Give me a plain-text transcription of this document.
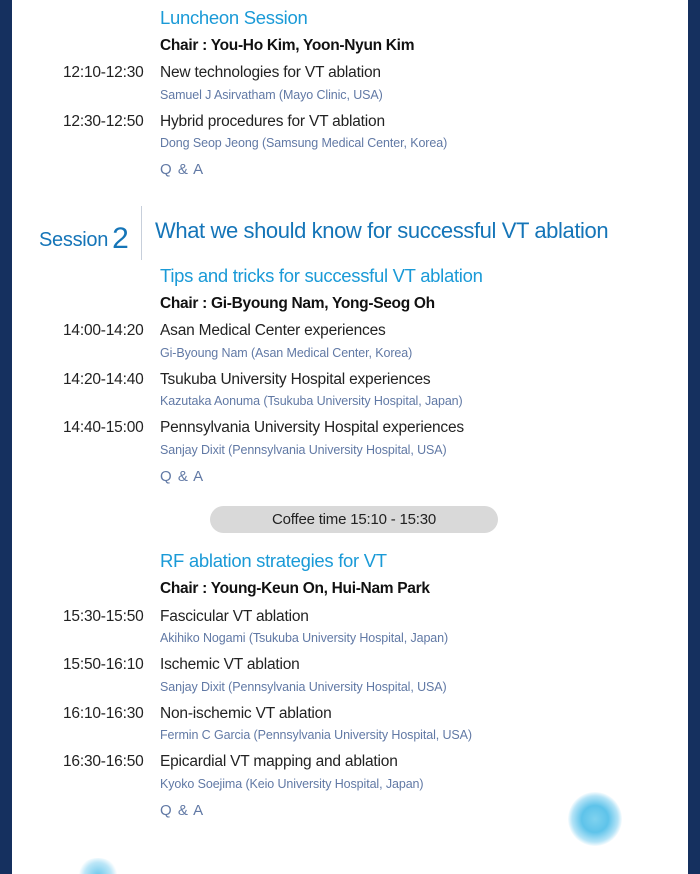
Luncheon Session
Chair : You-Ho Kim, Yoon-Nyun Kim
12:10-12:30 New technologies for VT ablation
Samuel J Asirvatham (Mayo Clinic, USA)
12:30-12:50 Hybrid procedures for VT ablation
Dong Seop Jeong (Samsung Medical Center, Korea)
Q & A
Session 2 What we should know for successful VT ablation
Tips and tricks for successful VT ablation
Chair : Gi-Byoung Nam, Yong-Seog Oh
14:00-14:20 Asan Medical Center experiences
Gi-Byoung Nam (Asan Medical Center, Korea)
14:20-14:40 Tsukuba University Hospital experiences
Kazutaka Aonuma (Tsukuba University Hospital, Japan)
14:40-15:00 Pennsylvania University Hospital experiences
Sanjay Dixit (Pennsylvania University Hospital, USA)
Q & A
Coffee time 15:10 - 15:30
RF ablation strategies for VT
Chair : Young-Keun On, Hui-Nam Park
15:30-15:50 Fascicular VT ablation
Akihiko Nogami (Tsukuba University Hospital, Japan)
15:50-16:10 Ischemic VT ablation
Sanjay Dixit (Pennsylvania University Hospital, USA)
16:10-16:30 Non-ischemic VT ablation
Fermin C Garcia (Pennsylvania University Hospital, USA)
16:30-16:50 Epicardial VT mapping and ablation
Kyoko Soejima (Keio University Hospital, Japan)
Q & A
